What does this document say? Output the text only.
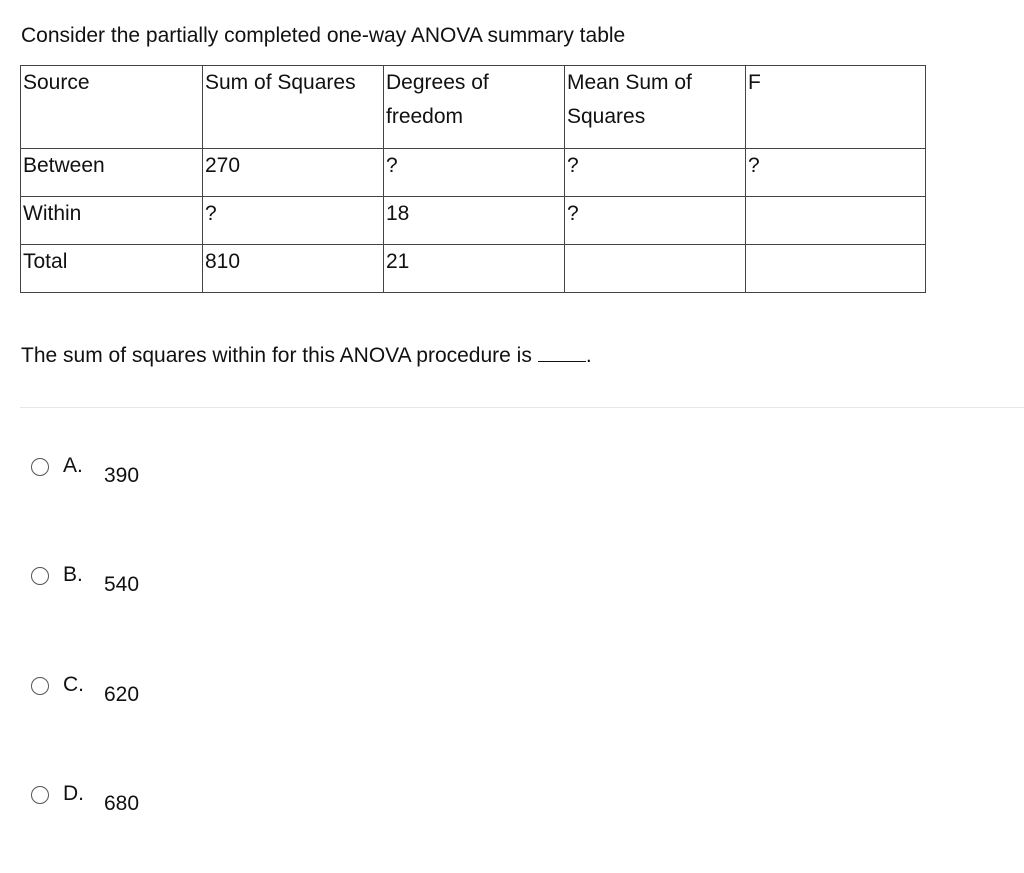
Consider the partially completed one-way ANOVA summary table

Source	Sum of Squares	Degrees of freedom	Mean Sum of Squares	F
Between	270	?	?	?
Within	?	18	?	
Total	810	21		

The sum of squares within for this ANOVA procedure is	.

A. 390
B. 540
C. 620
D. 680
